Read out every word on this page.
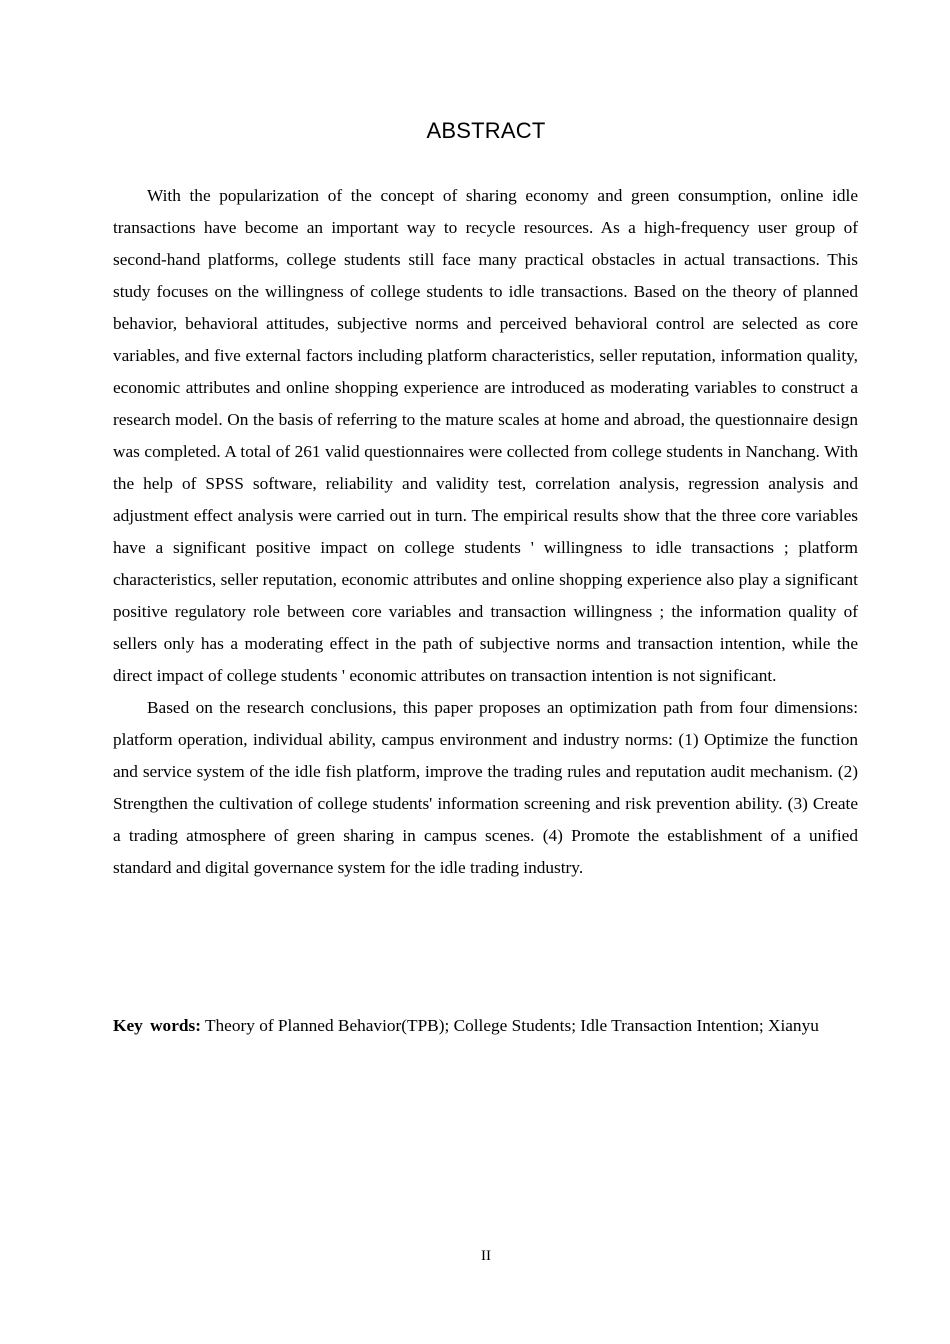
ABSTRACT

With the popularization of the concept of sharing economy and green consumption, online idle transactions have become an important way to recycle resources. As a high-frequency user group of second-hand platforms, college students still face many practical obstacles in actual transactions. This study focuses on the willingness of college students to idle transactions. Based on the theory of planned behavior, behavioral attitudes, subjective norms and perceived behavioral control are selected as core variables, and five external factors including platform characteristics, seller reputation, information quality, economic attributes and online shopping experience are introduced as moderating variables to construct a research model. On the basis of referring to the mature scales at home and abroad, the questionnaire design was completed. A total of 261 valid questionnaires were collected from college students in Nanchang. With the help of SPSS software, reliability and validity test, correlation analysis, regression analysis and adjustment effect analysis were carried out in turn. The empirical results show that the three core variables have a significant positive impact on college students ' willingness to idle transactions ; platform characteristics, seller reputation, economic attributes and online shopping experience also play a significant positive regulatory role between core variables and transaction willingness ; the information quality of sellers only has a moderating effect in the path of subjective norms and transaction intention, while the direct impact of college students ' economic attributes on transaction intention is not significant.

Based on the research conclusions, this paper proposes an optimization path from four dimensions: platform operation, individual ability, campus environment and industry norms: (1) Optimize the function and service system of the idle fish platform, improve the trading rules and reputation audit mechanism. (2) Strengthen the cultivation of college students' information screening and risk prevention ability. (3) Create a trading atmosphere of green sharing in campus scenes. (4) Promote the establishment of a unified standard and digital governance system for the idle trading industry.

Key words: Theory of Planned Behavior(TPB); College Students; Idle Transaction Intention; Xianyu
II
